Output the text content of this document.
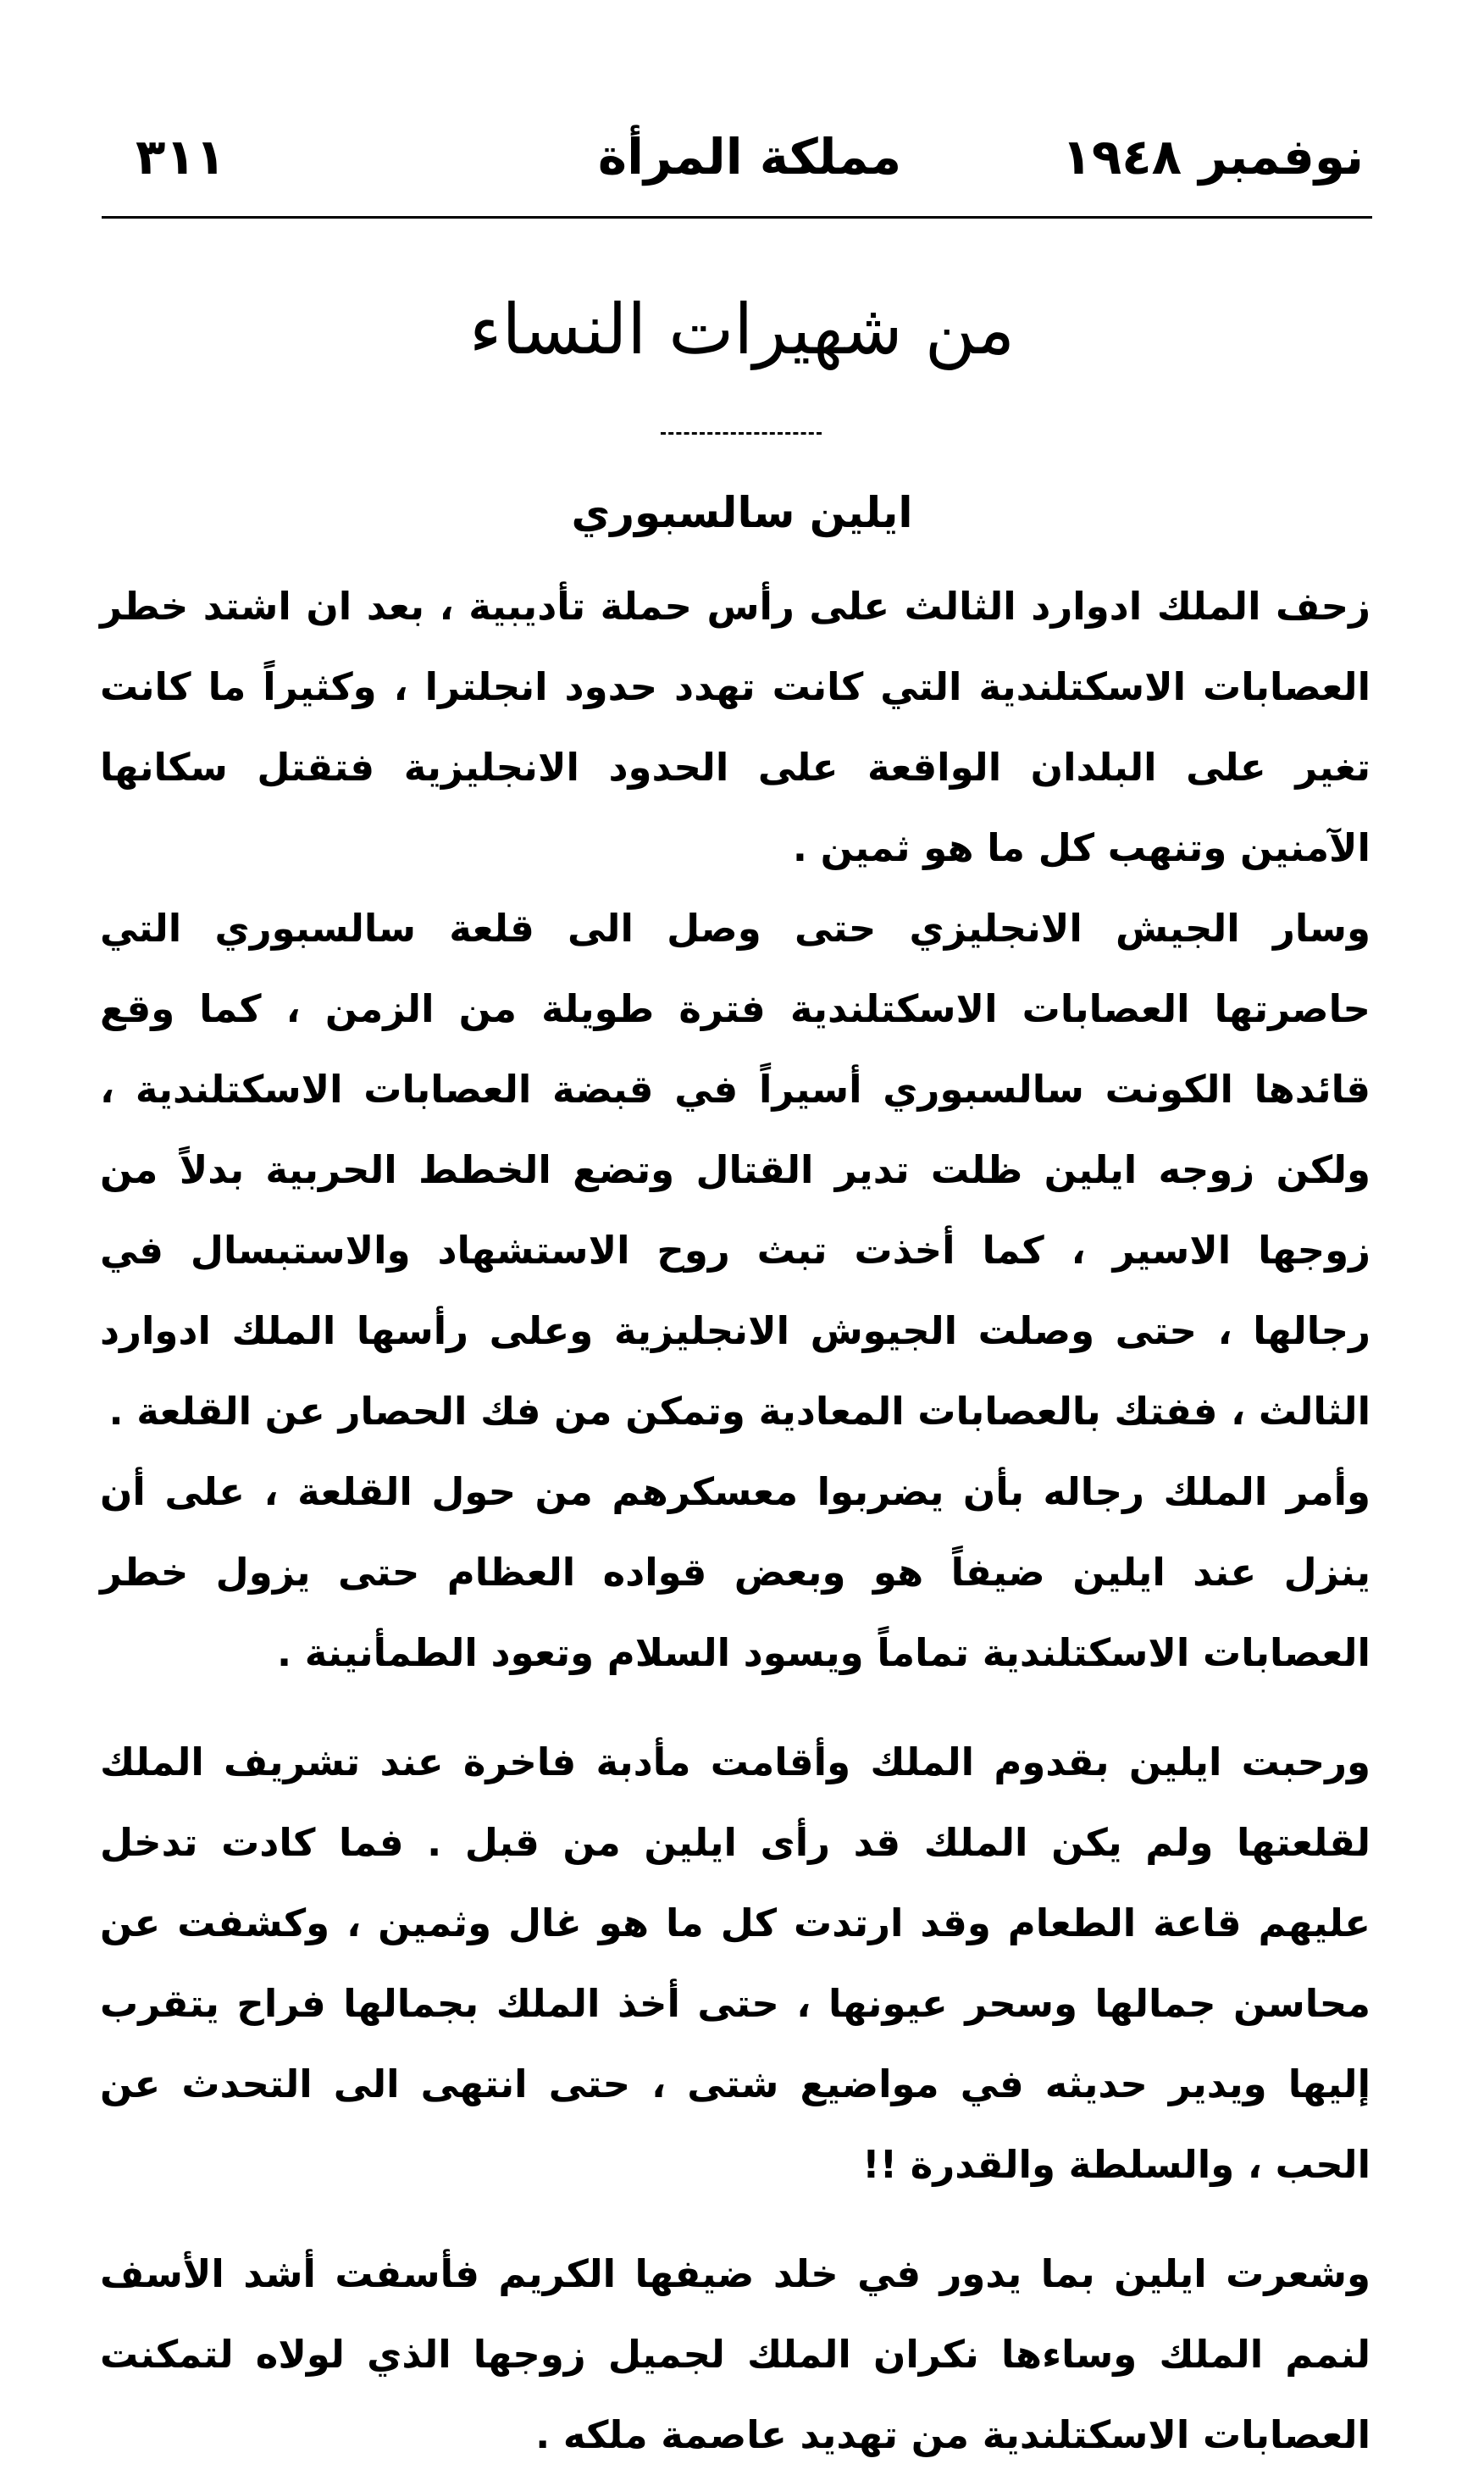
نوفمبر ١٩٤٨
مملكة المرأة
٣١١
من شهيرات النساء
ايلين سالسبوري

زحف الملك ادوارد الثالث على رأس حملة تأديبية ، بعد ان اشتد خطر العصابات الاسكتلندية التي كانت تهدد حدود انجلترا ، وكثيراً ما كانت تغير على البلدان الواقعة على الحدود الانجليزية فتقتل سكانها الآمنين وتنهب كل ما هو ثمين .

وسار الجيش الانجليزي حتى وصل الى قلعة سالسبوري التي حاصرتها العصابات الاسكتلندية فترة طويلة من الزمن ، كما وقع قائدها الكونت سالسبوري أسيراً في قبضة العصابات الاسكتلندية ، ولكن زوجه ايلين ظلت تدير القتال وتضع الخطط الحربية بدلاً من زوجها الاسير ، كما أخذت تبث روح الاستشهاد والاستبسال في رجالها ، حتى وصلت الجيوش الانجليزية وعلى رأسها الملك ادوارد الثالث ، ففتك بالعصابات المعادية وتمكن من فك الحصار عن القلعة .

وأمر الملك رجاله بأن يضربوا معسكرهم من حول القلعة ، على أن ينزل عند ايلين ضيفاً هو وبعض قواده العظام حتى يزول خطر العصابات الاسكتلندية تماماً ويسود السلام وتعود الطمأنينة .

ورحبت ايلين بقدوم الملك وأقامت مأدبة فاخرة عند تشريف الملك لقلعتها ولم يكن الملك قد رأى ايلين من قبل . فما كادت تدخل عليهم قاعة الطعام وقد ارتدت كل ما هو غال وثمين ، وكشفت عن محاسن جمالها وسحر عيونها ، حتى أخذ الملك بجمالها فراح يتقرب إليها ويدير حديثه في مواضيع شتى ، حتى انتهى الى التحدث عن الحب ، والسلطة والقدرة !!

وشعرت ايلين بما يدور في خلد ضيفها الكريم فأسفت أشد الأسف لنمم الملك وساءها نكران الملك لجميل زوجها الذي لولاه لتمكنت العصابات الاسكتلندية من تهديد عاصمة ملكه .
